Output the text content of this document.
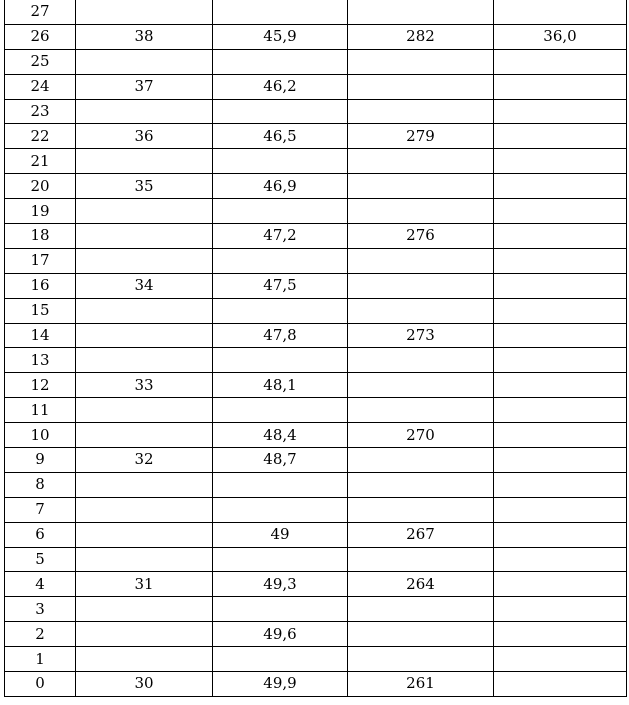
27				
26	38	45,9	282	36,0
25				
24	37	46,2		
23				
22	36	46,5	279	
21				
20	35	46,9		
19				
18		47,2	276	
17				
16	34	47,5		
15				
14		47,8	273	
13				
12	33	48,1		
11				
10		48,4	270	
9	32	48,7		
8				
7				
6		49	267	
5				
4	31	49,3	264	
3				
2		49,6		
1				
0	30	49,9	261	
